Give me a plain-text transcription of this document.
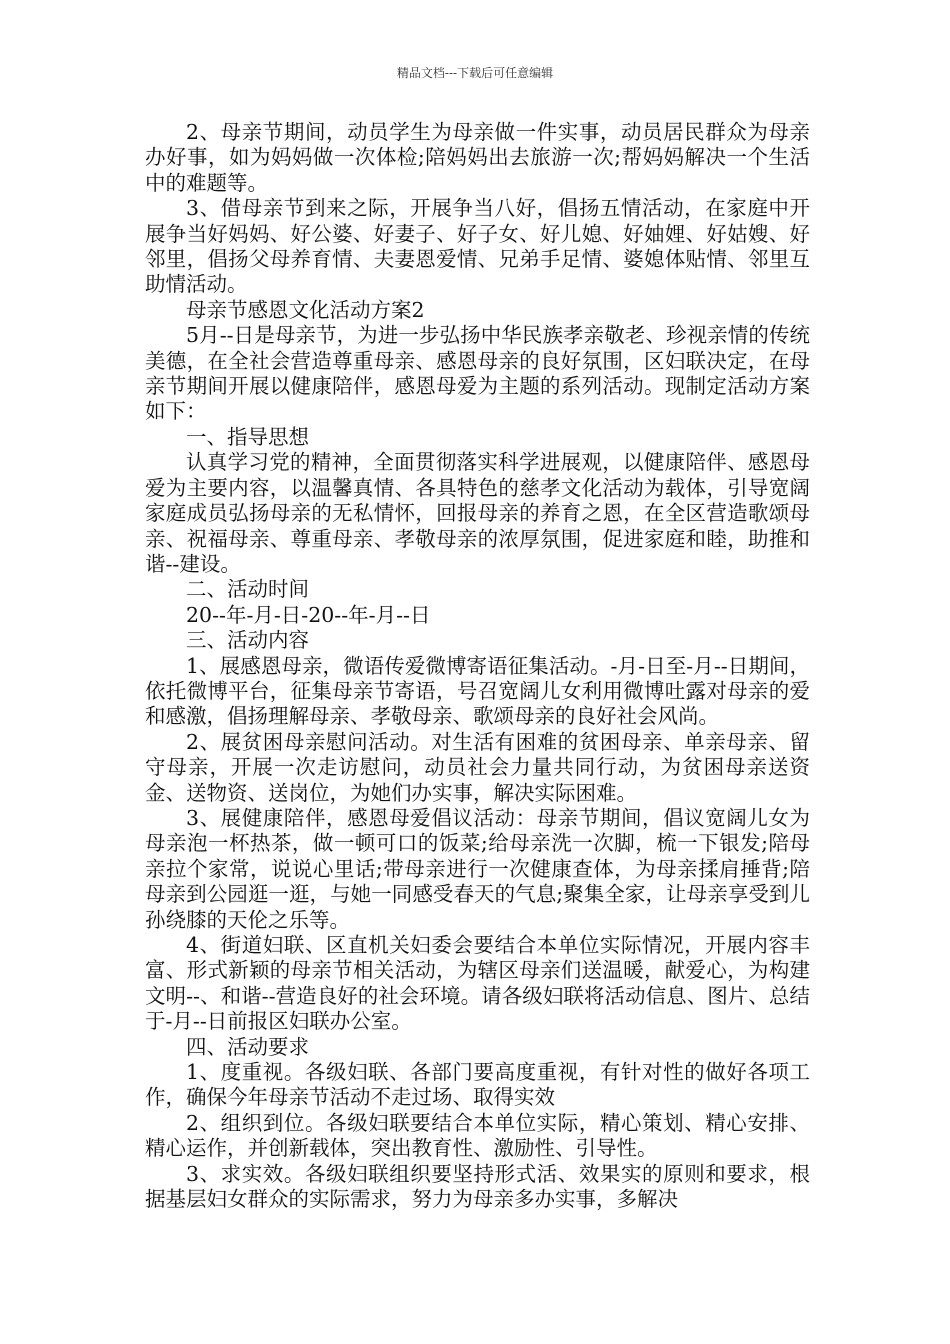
精品文档---下载后可任意编辑

2、母亲节期间，动员学生为母亲做一件实事，动员居民群众为母亲办好事，如为妈妈做一次体检;陪妈妈出去旅游一次;帮妈妈解决一个生活中的难题等。

3、借母亲节到来之际，开展争当八好，倡扬五情活动，在家庭中开展争当好妈妈、好公婆、好妻子、好子女、好儿媳、好妯娌、好姑嫂、好邻里，倡扬父母养育情、夫妻恩爱情、兄弟手足情、婆媳体贴情、邻里互助情活动。

母亲节感恩文化活动方案2

5月--日是母亲节，为进一步弘扬中华民族孝亲敬老、珍视亲情的传统美德，在全社会营造尊重母亲、感恩母亲的良好氛围，区妇联决定，在母亲节期间开展以健康陪伴，感恩母爱为主题的系列活动。现制定活动方案如下：

一、指导思想

认真学习党的精神，全面贯彻落实科学进展观，以健康陪伴、感恩母爱为主要内容，以温馨真情、各具特色的慈孝文化活动为载体，引导宽阔家庭成员弘扬母亲的无私情怀，回报母亲的养育之恩，在全区营造歌颂母亲、祝福母亲、尊重母亲、孝敬母亲的浓厚氛围，促进家庭和睦，助推和谐--建设。

二、活动时间

20--年-月-日-20--年-月--日

三、活动内容

1、展感恩母亲，微语传爱微博寄语征集活动。-月-日至-月--日期间，依托微博平台，征集母亲节寄语，号召宽阔儿女利用微博吐露对母亲的爱和感激，倡扬理解母亲、孝敬母亲、歌颂母亲的良好社会风尚。

2、展贫困母亲慰问活动。对生活有困难的贫困母亲、单亲母亲、留守母亲，开展一次走访慰问，动员社会力量共同行动，为贫困母亲送资金、送物资、送岗位，为她们办实事，解决实际困难。

3、展健康陪伴，感恩母爱倡议活动：母亲节期间，倡议宽阔儿女为母亲泡一杯热茶，做一顿可口的饭菜;给母亲洗一次脚，梳一下银发;陪母亲拉个家常，说说心里话;带母亲进行一次健康查体，为母亲揉肩捶背;陪母亲到公园逛一逛，与她一同感受春天的气息;聚集全家，让母亲享受到儿孙绕膝的天伦之乐等。

4、街道妇联、区直机关妇委会要结合本单位实际情况，开展内容丰富、形式新颖的母亲节相关活动，为辖区母亲们送温暖，献爱心，为构建文明--、和谐--营造良好的社会环境。请各级妇联将活动信息、图片、总结于-月--日前报区妇联办公室。

四、活动要求

1、度重视。各级妇联、各部门要高度重视，有针对性的做好各项工作，确保今年母亲节活动不走过场、取得实效

2、组织到位。各级妇联要结合本单位实际，精心策划、精心安排、精心运作，并创新载体，突出教育性、激励性、引导性。

3、求实效。各级妇联组织要坚持形式活、效果实的原则和要求，根据基层妇女群众的实际需求，努力为母亲多办实事，多解决
